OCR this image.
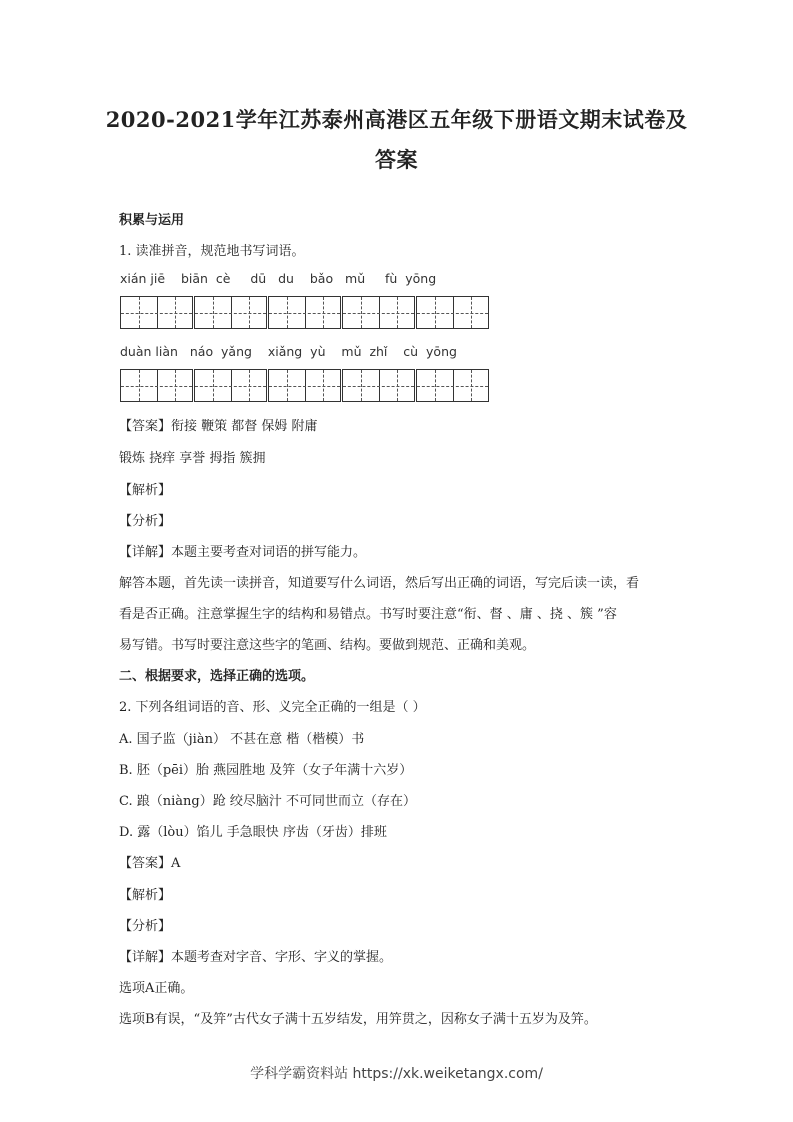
2020-2021学年江苏泰州高港区五年级下册语文期末试卷及
答案
积累与运用
1. 读准拼音，规范地书写词语。
xián jiē    biān  cè     dū   du    bǎo   mǔ     fù  yōng
duàn liàn   náo  yǎng    xiǎng  yù    mǔ  zhǐ    cù  yōng
【答案】衔接 鞭策 都督 保姆 附庸
锻炼 挠痒 享誉 拇指 簇拥
【解析】
【分析】
【详解】本题主要考查对词语的拼写能力。
解答本题，首先读一读拼音，知道要写什么词语，然后写出正确的词语，写完后读一读，看
看是否正确。注意掌握生字的结构和易错点。书写时要注意“衔、督 、庸 、挠 、簇 ”容
易写错。书写时要注意这些字的笔画、结构。要做到规范、正确和美观。
二、根据要求，选择正确的选项。
2. 下列各组词语的音、形、义完全正确的一组是（ ）
A. 国子监（jiàn） 不甚在意 楷（楷模）书
B. 胚（pēi）胎 燕园胜地 及笄（女子年满十六岁）
C. 踉（niàng）跄 绞尽脑汁 不可同世而立（存在）
D. 露（lòu）馅儿 手急眼快 序齿（牙齿）排班
【答案】A
【解析】
【分析】
【详解】本题考查对字音、字形、字义的掌握。
选项A正确。
选项B有误，“及笄”古代女子满十五岁结发，用笄贯之，因称女子满十五岁为及笄。
学科学霸资料站 https://xk.weiketangx.com/
